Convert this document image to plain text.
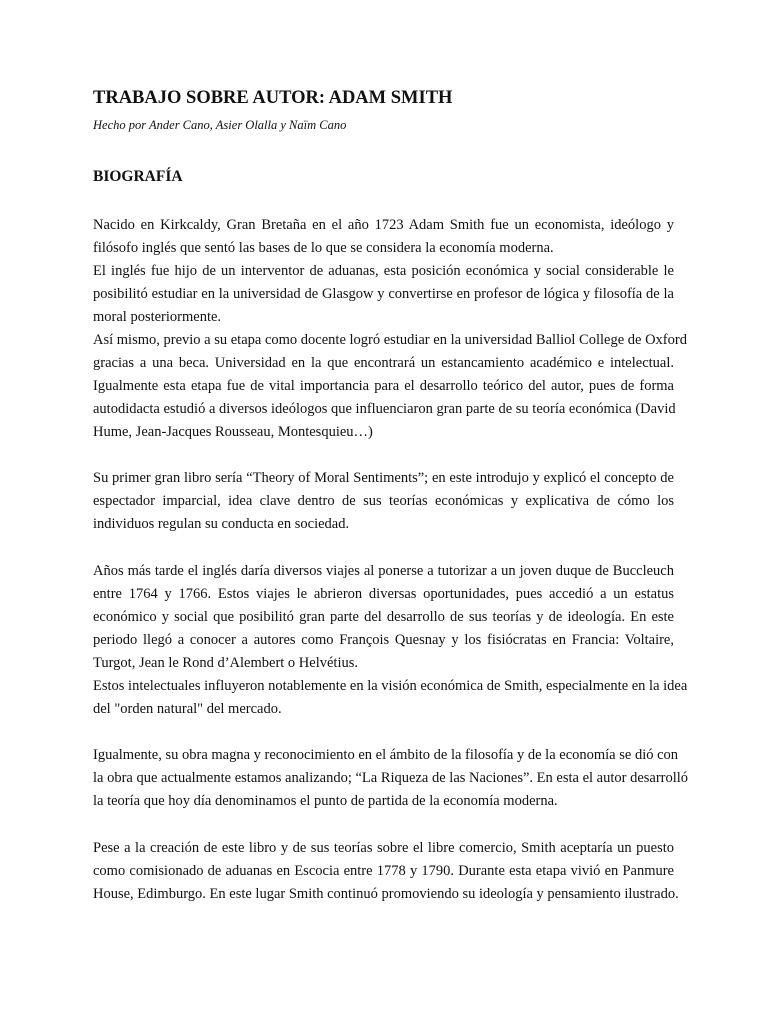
TRABAJO SOBRE AUTOR: ADAM SMITH

Hecho por Ander Cano, Asier Olalla y Naïm Cano

BIOGRAFÍA

Nacido en Kirkcaldy, Gran Bretaña en el año 1723 Adam Smith fue un economista, ideólogo y

filósofo inglés que sentó las bases de lo que se considera la economía moderna.

El inglés fue hijo de un interventor de aduanas, esta posición económica y social considerable le

posibilitó estudiar en la universidad de Glasgow y convertirse en profesor de lógica y filosofía de la

moral posteriormente.

Así mismo, previo a su etapa como docente logró estudiar en la universidad Balliol College de Oxford

gracias a una beca. Universidad en la que encontrará un estancamiento académico e intelectual.

Igualmente esta etapa fue de vital importancia para el desarrollo teórico del autor, pues de forma

autodidacta estudió a diversos ideólogos que influenciaron gran parte de su teoría económica (David

Hume, Jean-Jacques Rousseau, Montesquieu…)

Su primer gran libro sería “Theory of Moral Sentiments”; en este introdujo y explicó el concepto de

espectador imparcial, idea clave dentro de sus teorías económicas y explicativa de cómo los

individuos regulan su conducta en sociedad.

Años más tarde el inglés daría diversos viajes al ponerse a tutorizar a un joven duque de Buccleuch

entre 1764 y 1766. Estos viajes le abrieron diversas oportunidades, pues accedió a un estatus

económico y social que posibilitó gran parte del desarrollo de sus teorías y de ideología. En este

periodo llegó a conocer a autores como François Quesnay y los fisiócratas en Francia: Voltaire,

Turgot, Jean le Rond d’Alembert o Helvétius.

Estos intelectuales influyeron notablemente en la visión económica de Smith, especialmente en la idea

del "orden natural" del mercado.

Igualmente, su obra magna y reconocimiento en el ámbito de la filosofía y de la economía se dió con

la obra que actualmente estamos analizando; “La Riqueza de las Naciones”. En esta el autor desarrolló

la teoría que hoy día denominamos el punto de partida de la economía moderna.

Pese a la creación de este libro y de sus teorías sobre el libre comercio, Smith aceptaría un puesto

como comisionado de aduanas en Escocia entre 1778 y 1790. Durante esta etapa vivió en Panmure

House, Edimburgo. En este lugar Smith continuó promoviendo su ideología y pensamiento ilustrado.
